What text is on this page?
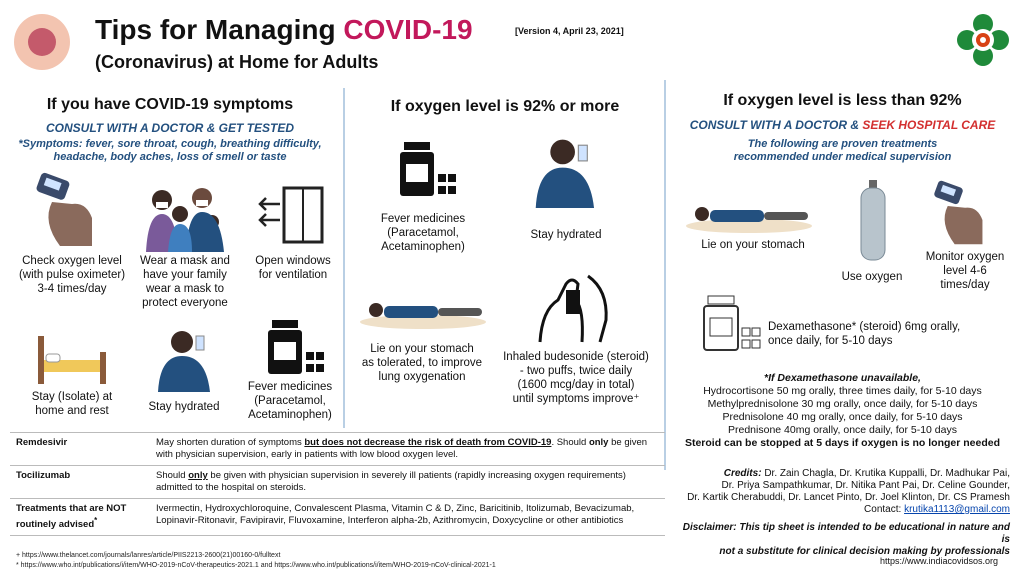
Tips for Managing COVID-19
(Coronavirus) at Home for Adults
[Version 4, April 23, 2021]
If you have COVID-19 symptoms
CONSULT WITH A DOCTOR & GET TESTED
*Symptoms: fever, sore throat, cough, breathing difficulty,
headache, body aches, loss of smell or taste
Check oxygen level
(with pulse oximeter)
3-4 times/day
Wear a mask and
have your family
wear a mask to
protect everyone
Open windows
for ventilation
Stay (Isolate) at
home and rest	Stay hydrated
Fever medicines
(Paracetamol,
Acetaminophen)
If oxygen level is 92% or more
Fever medicines
(Paracetamol,
Acetaminophen)
Stay hydrated
Lie on your stomach
as tolerated, to improve
lung oxygenation
Inhaled budesonide (steroid)
- two puffs, twice daily
(1600 mcg/day in total)
until symptoms improve⁺
If oxygen level is less than 92%
CONSULT WITH A DOCTOR & SEEK HOSPITAL CARE
The following are proven treatments
recommended under medical supervision
Lie on your stomach
Use oxygen
Monitor oxygen
level 4-6
times/day
Dexamethasone* (steroid) 6mg orally,
once daily, for 5-10 days
*If Dexamethasone unavailable,
Hydrocortisone 50 mg orally, three times daily, for 5-10 days
Methylprednisolone 30 mg orally, once daily, for 5-10 days
Prednisolone 40 mg orally, once daily, for 5-10 days
Prednisone 40mg orally, once daily, for 5-10 days
Steroid can be stopped at 5 days if oxygen is no longer needed
Remdesivir	May shorten duration of symptoms but does not decrease the risk of death from COVID-19. Should only be given with physician supervision, early in patients with low blood oxygen level.
Tocilizumab	Should only be given with physician supervision in severely ill patients (rapidly increasing oxygen requirements) admitted to the hospital on steroids.

Treatments that are NOT
routinely advised*	Ivermectin, Hydroxychloroquine, Convalescent Plasma, Vitamin C & D, Zinc, Baricitinib, Itolizumab, Bevacizumab, Lopinavir-Ritonavir, Favipiravir, Fluvoxamine, Interferon alpha-2b, Azithromycin, Doxycycline or other antibiotics
+ https://www.thelancet.com/journals/lanres/article/PIIS2213-2600(21)00160-0/fulltext
* https://www.who.int/publications/i/item/WHO-2019-nCoV-therapeutics-2021.1 and https://www.who.int/publications/i/item/WHO-2019-nCoV-clinical-2021-1
Credits: Dr. Zain Chagla, Dr. Krutika Kuppalli, Dr. Madhukar Pai,
Dr. Priya Sampathkumar, Dr. Nitika Pant Pai, Dr. Celine Gounder,
Dr. Kartik Cherabuddi, Dr. Lancet Pinto, Dr. Joel Klinton, Dr. CS Pramesh
Contact: krutika1113@gmail.com
Disclaimer: This tip sheet is intended to be educational in nature and is
not a substitute for clinical decision making by professionals
https://www.indiacovidsos.org
